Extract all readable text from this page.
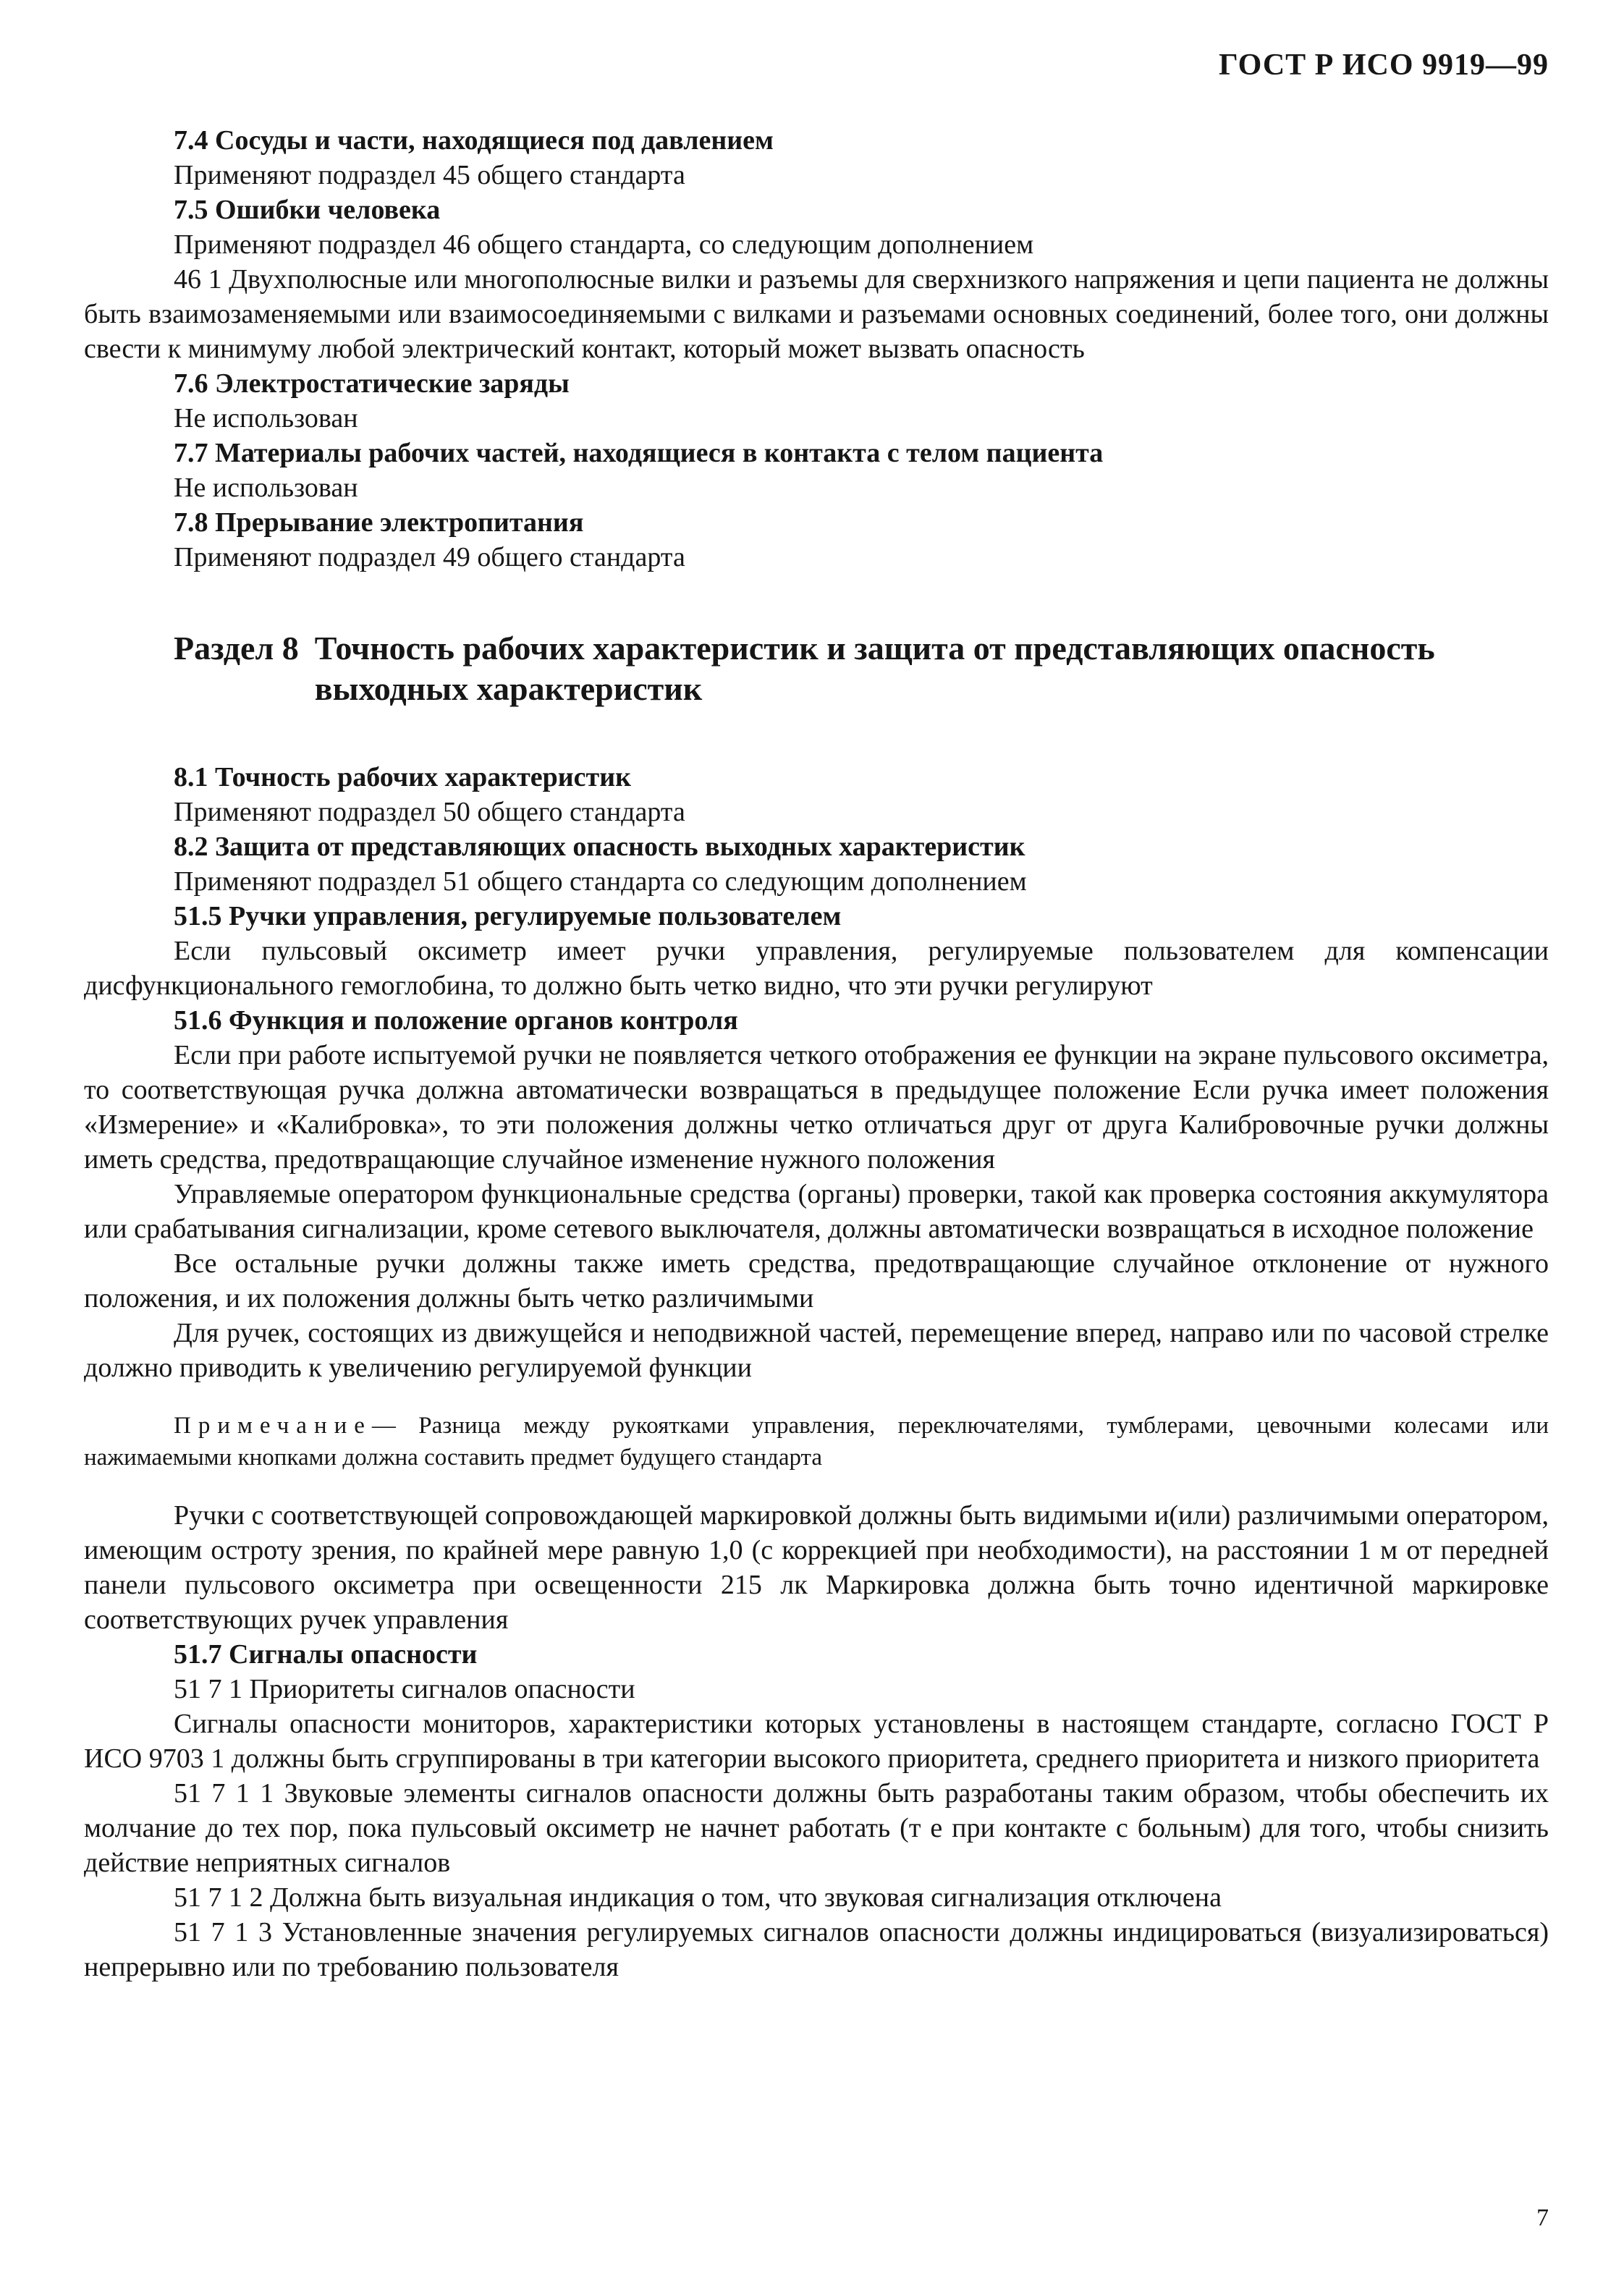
ГОСТ Р ИСО 9919—99

7.4 Сосуды и части, находящиеся под давлением

Применяют подраздел 45 общего стандарта

7.5 Ошибки человека

Применяют подраздел 46 общего стандарта, со следующим дополнением

46 1 Двухполюсные или многополюсные вилки и разъемы для сверхнизкого напряжения и цепи пациента не должны быть взаимозаменяемыми или взаимосоединяемыми с вилками и разъемами основных соединений, более того, они должны свести к минимуму любой электрический контакт, который может вызвать опасность

7.6 Электростатические заряды

Не использован

7.7 Материалы рабочих частей, находящиеся в контакта с телом пациента

Не использован

7.8 Прерывание электропитания

Применяют подраздел 49 общего стандарта

Раздел 8 Точность рабочих характеристик и защита от представляющих опасность выходных характеристик

8.1 Точность рабочих характеристик

Применяют подраздел 50 общего стандарта

8.2 Защита от представляющих опасность выходных характеристик

Применяют подраздел 51 общего стандарта со следующим дополнением

51.5 Ручки управления, регулируемые пользователем

Если пульсовый оксиметр имеет ручки управления, регулируемые пользователем для компенсации дисфункционального гемоглобина, то должно быть четко видно, что эти ручки регулируют

51.6 Функция и положение органов контроля

Если при работе испытуемой ручки не появляется четкого отображения ее функции на экране пульсового оксиметра, то соответствующая ручка должна автоматически возвращаться в предыдущее положение Если ручка имеет положения «Измерение» и «Калибровка», то эти положения должны четко отличаться друг от друга Калибровочные ручки должны иметь средства, предотвращающие случайное изменение нужного положения

Управляемые оператором функциональные средства (органы) проверки, такой как проверка состояния аккумулятора или срабатывания сигнализации, кроме сетевого выключателя, должны автоматически возвращаться в исходное положение

Все остальные ручки должны также иметь средства, предотвращающие случайное отклонение от нужного положения, и их положения должны быть четко различимыми

Для ручек, состоящих из движущейся и неподвижной частей, перемещение вперед, направо или по часовой стрелке должно приводить к увеличению регулируемой функции

Примечание— Разница между рукоятками управления, переключателями, тумблерами, цевочными колесами или нажимаемыми кнопками должна составить предмет будущего стандарта

Ручки с соответствующей сопровождающей маркировкой должны быть видимыми и(или) различимыми оператором, имеющим остроту зрения, по крайней мере равную 1,0 (с коррекцией при необходимости), на расстоянии 1 м от передней панели пульсового оксиметра при освещенности 215 лк Маркировка должна быть точно идентичной маркировке соответствующих ручек управления

51.7 Сигналы опасности

51 7 1 Приоритеты сигналов опасности

Сигналы опасности мониторов, характеристики которых установлены в настоящем стандарте, согласно ГОСТ Р ИСО 9703 1 должны быть сгруппированы в три категории высокого приоритета, среднего приоритета и низкого приоритета

51 7 1 1 Звуковые элементы сигналов опасности должны быть разработаны таким образом, чтобы обеспечить их молчание до тех пор, пока пульсовый оксиметр не начнет работать (т е при контакте с больным) для того, чтобы снизить действие неприятных сигналов

51 7 1 2 Должна быть визуальная индикация о том, что звуковая сигнализация отключена

51 7 1 3 Установленные значения регулируемых сигналов опасности должны индицироваться (визуализироваться) непрерывно или по требованию пользователя

7
